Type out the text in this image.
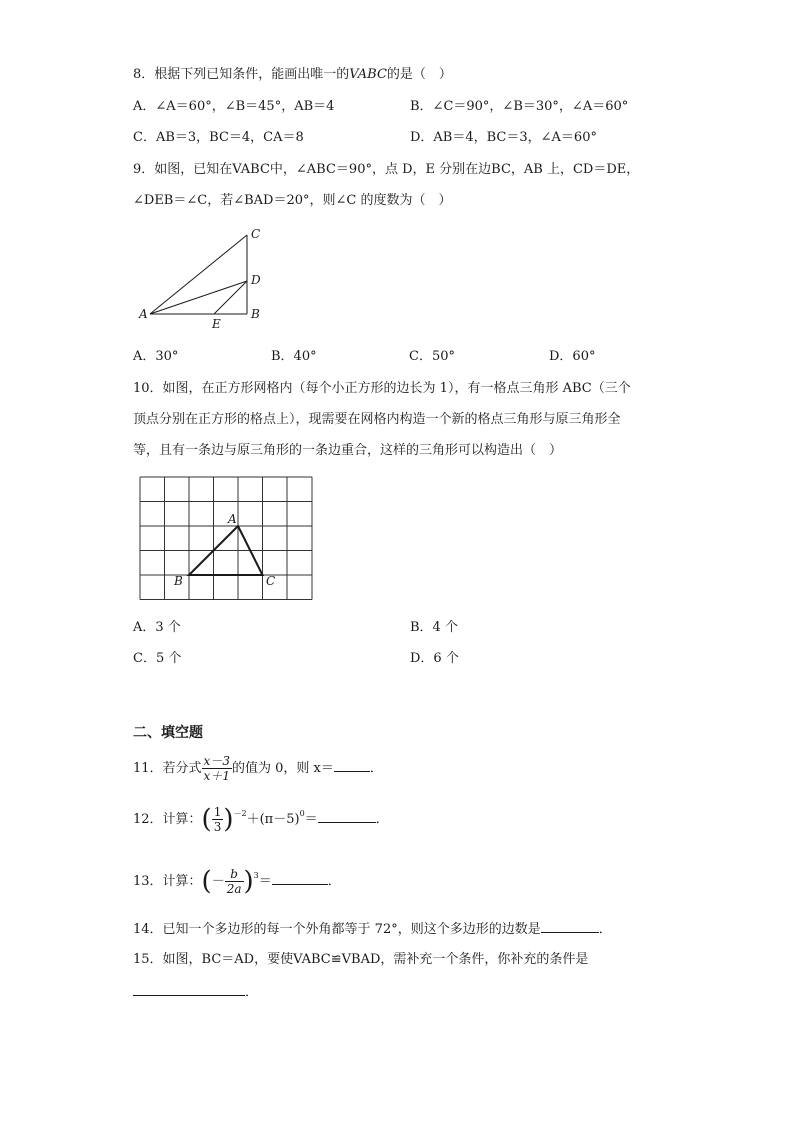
8．根据下列已知条件，能画出唯一的VABC的是（　）
A．∠A＝60°，∠B＝45°，AB＝4	B．∠C＝90°，∠B＝30°，∠A＝60°
C．AB＝3，BC＝4，CA＝8	D．AB＝4，BC＝3，∠A＝60°
9．如图，已知在VABC中，∠ABC＝90°，点 D，E 分别在边BC，AB 上，CD＝DE，
∠DEB＝∠C，若∠BAD＝20°，则∠C 的度数为（　）
C
D
A
E
B
A．30°	B．40°	C．50°	D．60°
10．如图，在正方形网格内（每个小正方形的边长为 1），有一格点三角形 ABC（三个
顶点分别在正方形的格点上），现需要在网格内构造一个新的格点三角形与原三角形全
等，且有一条边与原三角形的一条边重合，这样的三角形可以构造出（　）
A
B	C
A．3 个	B．4 个
C．5 个	D．6 个
二、填空题
11．若分式 $\frac{x-3}{x+1}$ 的值为 0，则 x＝	．
12．计算：( $\frac{1}{3} )^{-2}+(\pi-5)^0=$	．
13．计算：(－ $\frac{b}{2a} )^3=$	．
14．已知一个多边形的每一个外角都等于 72°，则这个多边形的边数是	．
15．如图，BC＝AD，要使VABC≌VBAD，需补充一个条件，你补充的条件是
．
